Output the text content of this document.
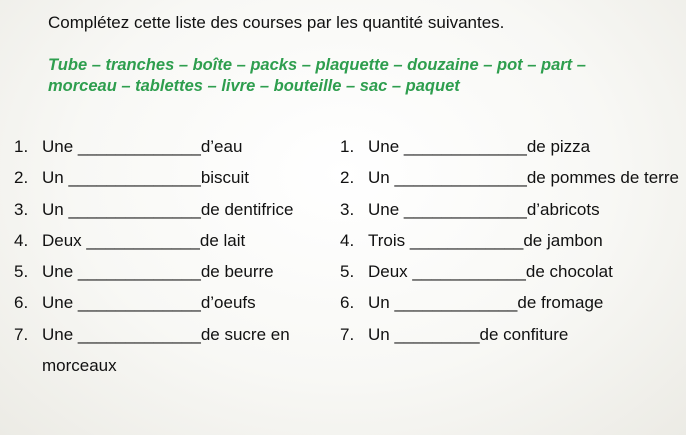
Complétez cette liste des courses par les quantité suivantes.

Tube – tranches – boîte – packs – plaquette – douzaine – pot – part – morceau – tablettes – livre – bouteille – sac – paquet

1. Une _____________d’eau
2. Un ______________biscuit
3. Un ______________de dentifrice
4. Deux ____________de lait
5. Une _____________de beurre
6. Une _____________d’oeufs
7. Une _____________de sucre en
morceaux
1. Une _____________de pizza
2. Un ______________de pommes de terre
3. Une _____________d’abricots
4. Trois ____________de jambon
5. Deux ____________de chocolat
6. Un _____________de fromage
7. Un _________de confiture
